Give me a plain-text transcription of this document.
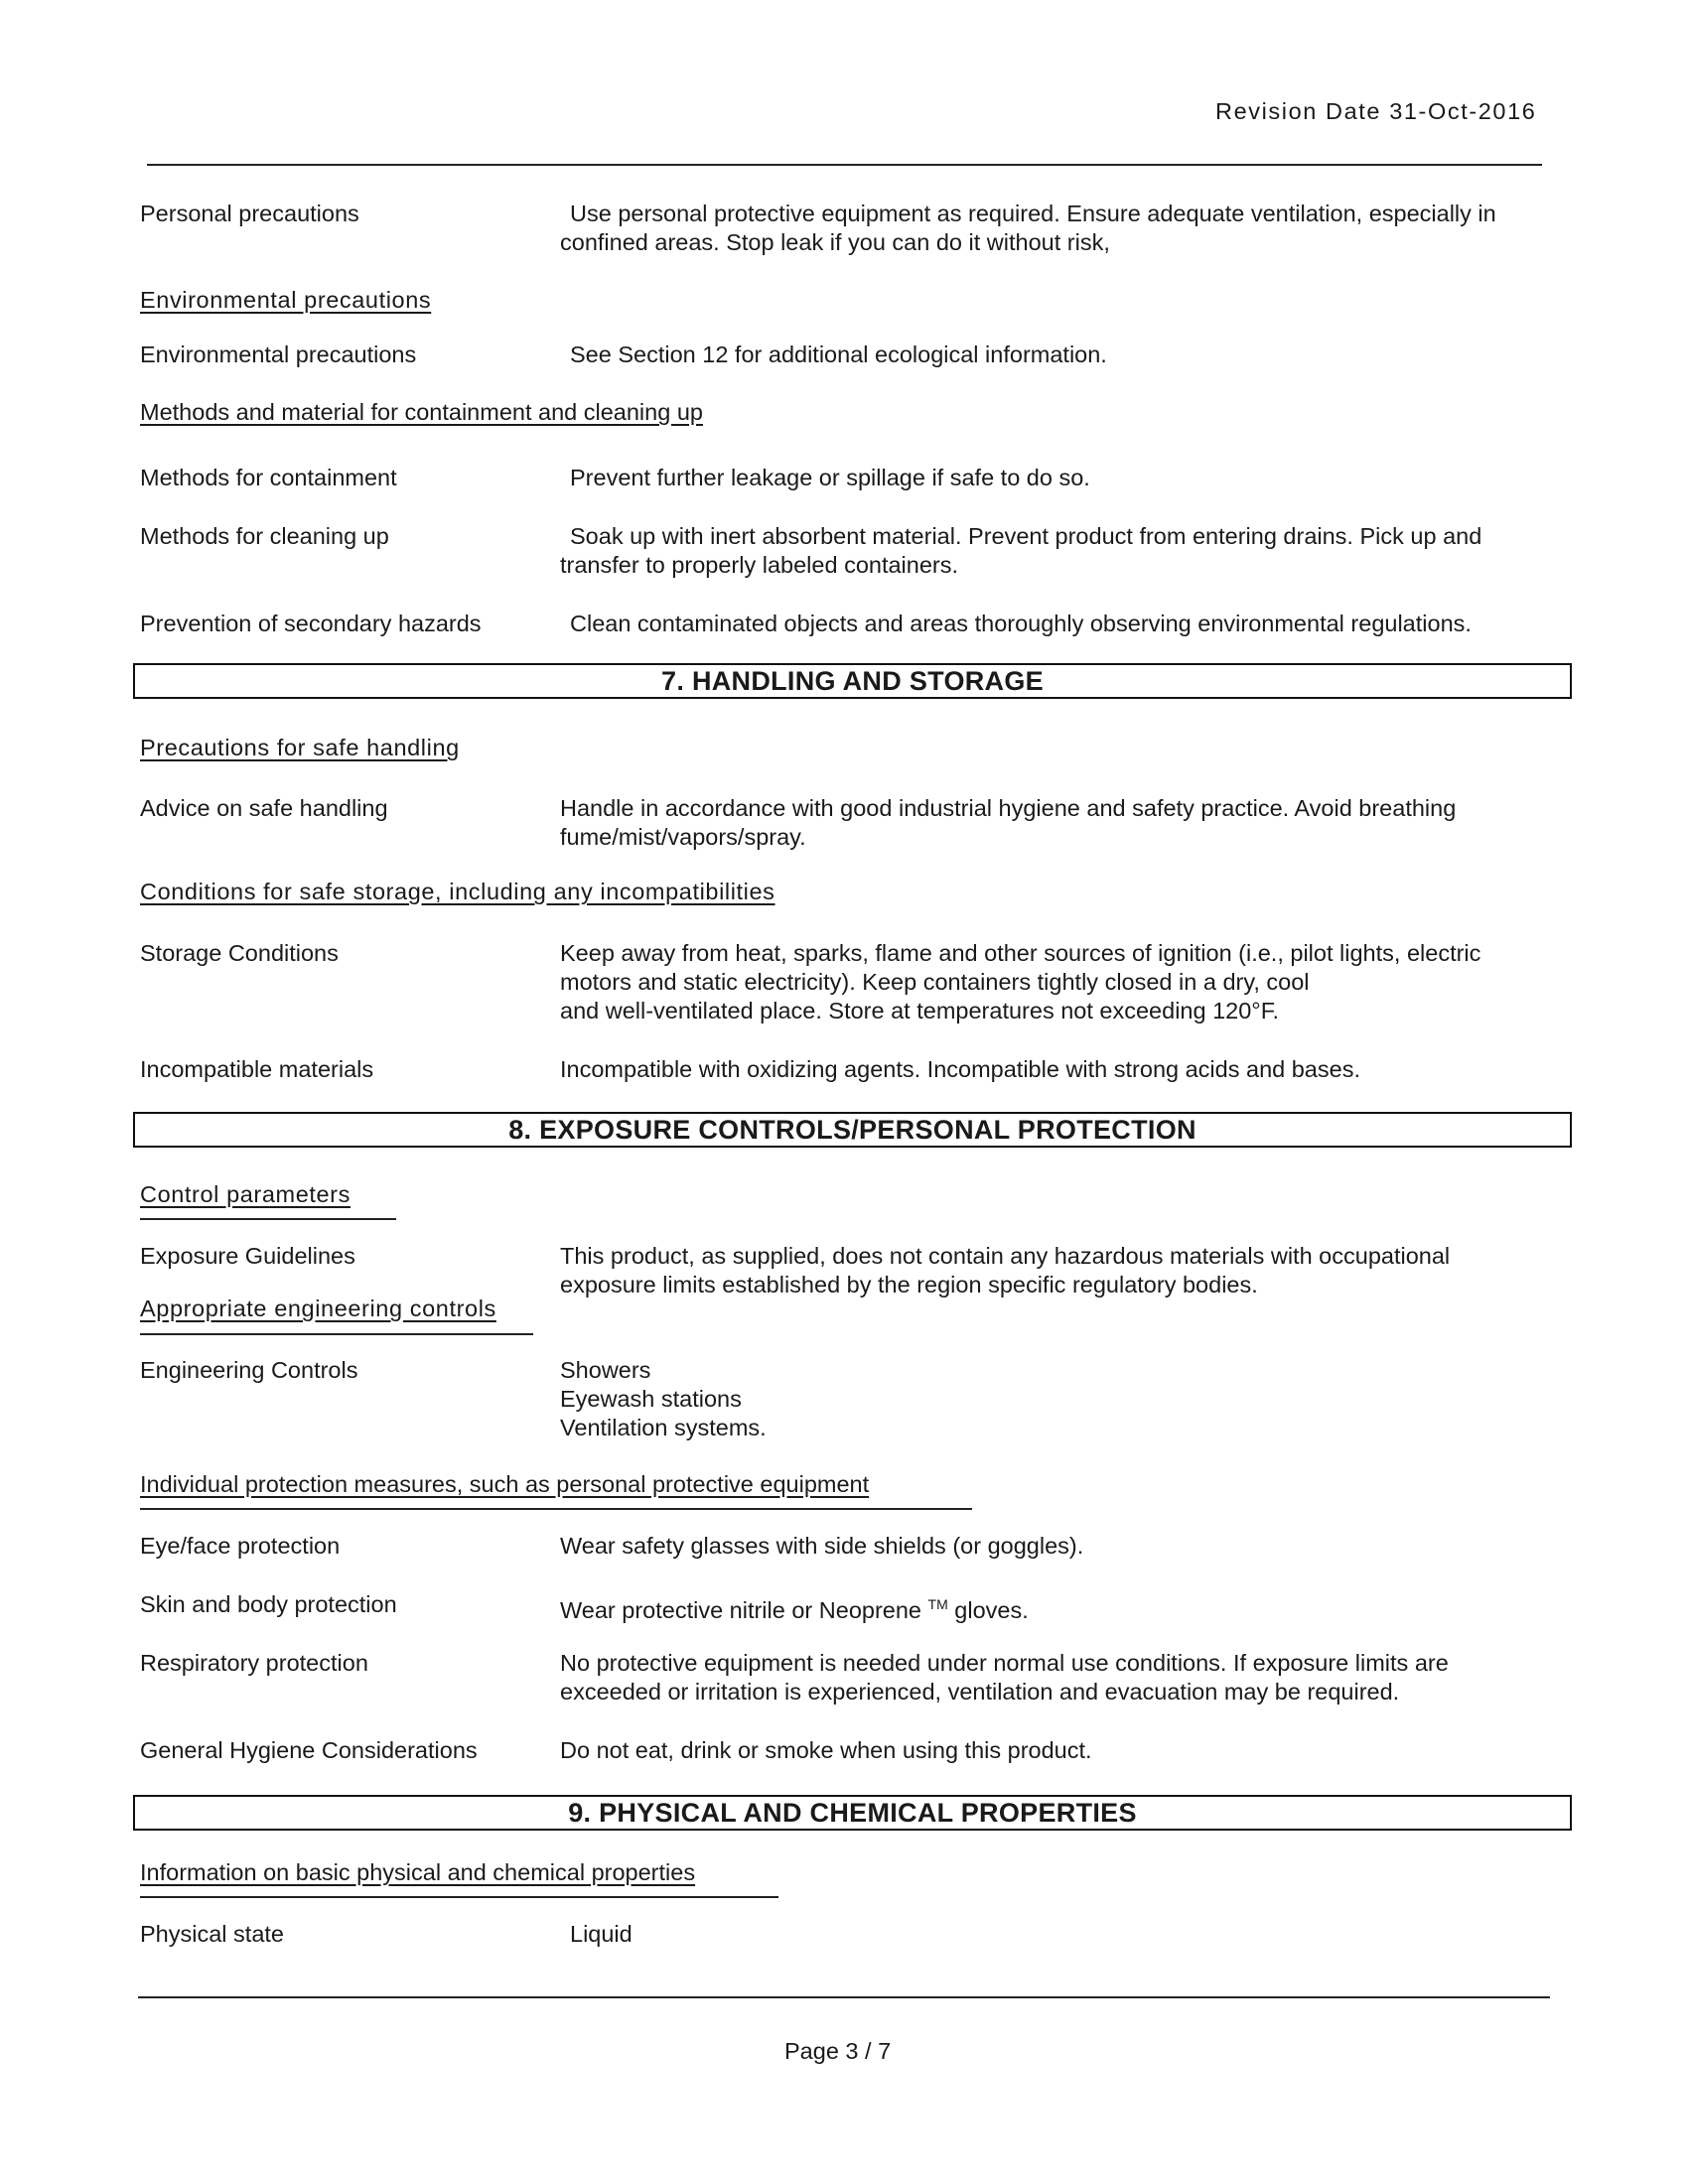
Revision Date 31-Oct-2016
Personal precautions	Use personal protective equipment as required. Ensure adequate ventilation, especially in
confined areas. Stop leak if you can do it without risk,
Environmental precautions
Environmental precautions	See Section 12 for additional ecological information.
Methods and material for containment and cleaning up
Methods for containment	Prevent further leakage or spillage if safe to do so.
Methods for cleaning up	Soak up with inert absorbent material. Prevent product from entering drains. Pick up and
transfer to properly labeled containers.
Prevention of secondary hazards	Clean contaminated objects and areas thoroughly observing environmental regulations.
7. HANDLING AND STORAGE
Precautions for safe handling
Advice on safe handling	Handle in accordance with good industrial hygiene and safety practice. Avoid breathing
fume/mist/vapors/spray.
Conditions for safe storage, including any incompatibilities
Storage Conditions	Keep away from heat, sparks, flame and other sources of ignition (i.e., pilot lights, electric
motors and static electricity). Keep containers tightly closed in a dry, cool
and well-ventilated place. Store at temperatures not exceeding 120°F.
Incompatible materials	Incompatible with oxidizing agents. Incompatible with strong acids and bases.
8. EXPOSURE CONTROLS/PERSONAL PROTECTION
Control parameters
Exposure Guidelines	This product, as supplied, does not contain any hazardous materials with occupational
exposure limits established by the region specific regulatory bodies.
Appropriate engineering controls
Engineering Controls	Showers
Eyewash stations
Ventilation systems.
Individual protection measures, such as personal protective equipment
Eye/face protection	Wear safety glasses with side shields (or goggles).
Skin and body protection	Wear protective nitrile or Neoprene ™ gloves.
Respiratory protection	No protective equipment is needed under normal use conditions. If exposure limits are
exceeded or irritation is experienced, ventilation and evacuation may be required.
General Hygiene Considerations	Do not eat, drink or smoke when using this product.
9. PHYSICAL AND CHEMICAL PROPERTIES
Information on basic physical and chemical properties
Physical state	Liquid
Page 3 / 7
